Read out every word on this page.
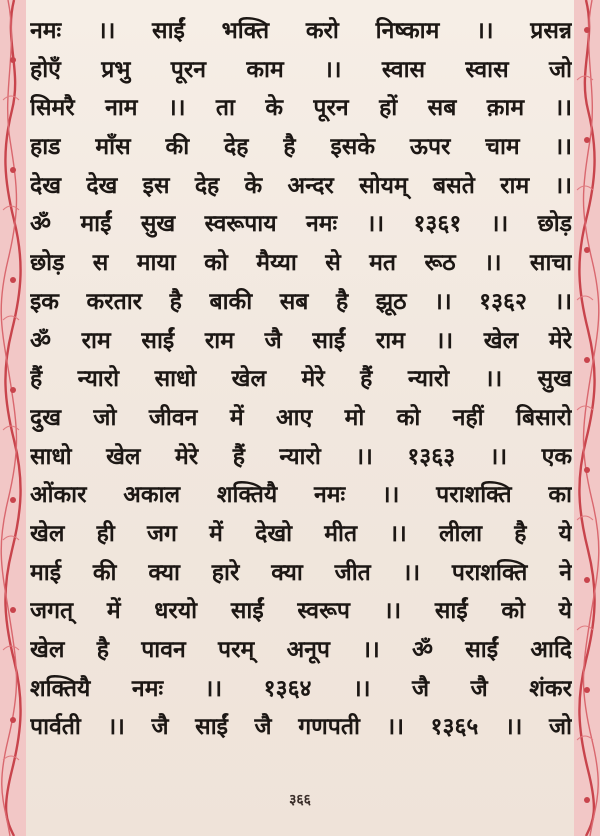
नमः ।। साईं भक्ति करो निष्काम ।। प्रसन्न
होएँ प्रभु पूरन काम ।। स्वास स्वास जो
सिमरै नाम ।। ता के पूरन हों सब क़ाम ।।
हाड माँस की देह है इसके ऊपर चाम ।।
देख देख इस देह के अन्दर सोयम् बसते राम ।।
ॐ माईं सुख स्वरूपाय नमः ।। १३६१ ।। छोड़
छोड़ स माया को मैय्या से मत रूठ ।। साचा
इक करतार है बाकी सब है झूठ ।। १३६२ ।।
ॐ राम साईं राम जै साईं राम ।। खेल मेरे
हैं न्यारो साधो खेल मेरे हैं न्यारो ।। सुख
दुख जो जीवन में आए मो को नहीं बिसारो
साधो खेल मेरे हैं न्यारो ।। १३६३ ।। एक
ओंकार अकाल शक्तियै नमः ।। पराशक्ति का
खेल ही जग में देखो मीत ।। लीला है ये
माई की क्या हारे क्या जीत ।। पराशक्ति ने
जगत् में धरयो साईं स्वरूप ।। साईं को ये
खेल है पावन परम् अनूप ।। ॐ साईं आदि
शक्तियै नमः ।। १३६४ ।। जै जै शंकर
पार्वती ।। जै साईं जै गणपती ।। १३६५ ।। जो
३६६
